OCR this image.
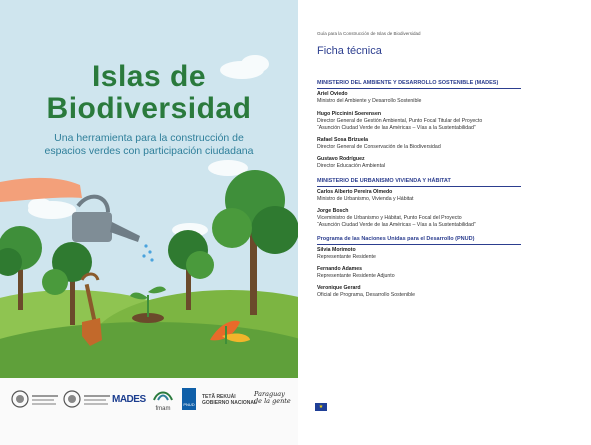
Islas de
Biodiversidad
Una herramienta para la construcción de
espacios verdes con participación ciudadana
MADES
fmam
PNUD
TETÃ REKUÁI
GOBIERNO NACIONAL
Paraguay
de la gente
Guía para la Construcción de Islas de Biodiversidad
Ficha técnica
MINISTERIO DEL AMBIENTE Y DESARROLLO SOSTENIBLE (MADES)
Ariel Oviedo
Ministro del Ambiente y Desarrollo Sostenible
Hugo Piccinini Soerensen
Director General de Gestión Ambiental, Punto Focal Titular del Proyecto
“Asunción Ciudad Verde de las Américas – Vías a la Sustentabilidad”
Rafael Sosa Brizuela
Director General de Conservación de la Biodiversidad
Gustavo Rodríguez
Director Educación Ambiental
MINISTERIO DE URBANISMO VIVIENDA Y HÁBITAT
Carlos Alberto Pereira Olmedo
Ministro de Urbanismo, Vivienda y Hábitat
Jorge Bosch
Viceministro de Urbanismo y Hábitat, Punto Focal del Proyecto
“Asunción Ciudad Verde de las Américas – Vías a la Sustentabilidad”
Programa de las Naciones Unidas para el Desarrollo (PNUD)
Silvia Morimoto
Representante Residente
Fernando Adames
Representante Residente Adjunto
Veronique Gerard
Oficial de Programa, Desarrollo Sostenible
★
